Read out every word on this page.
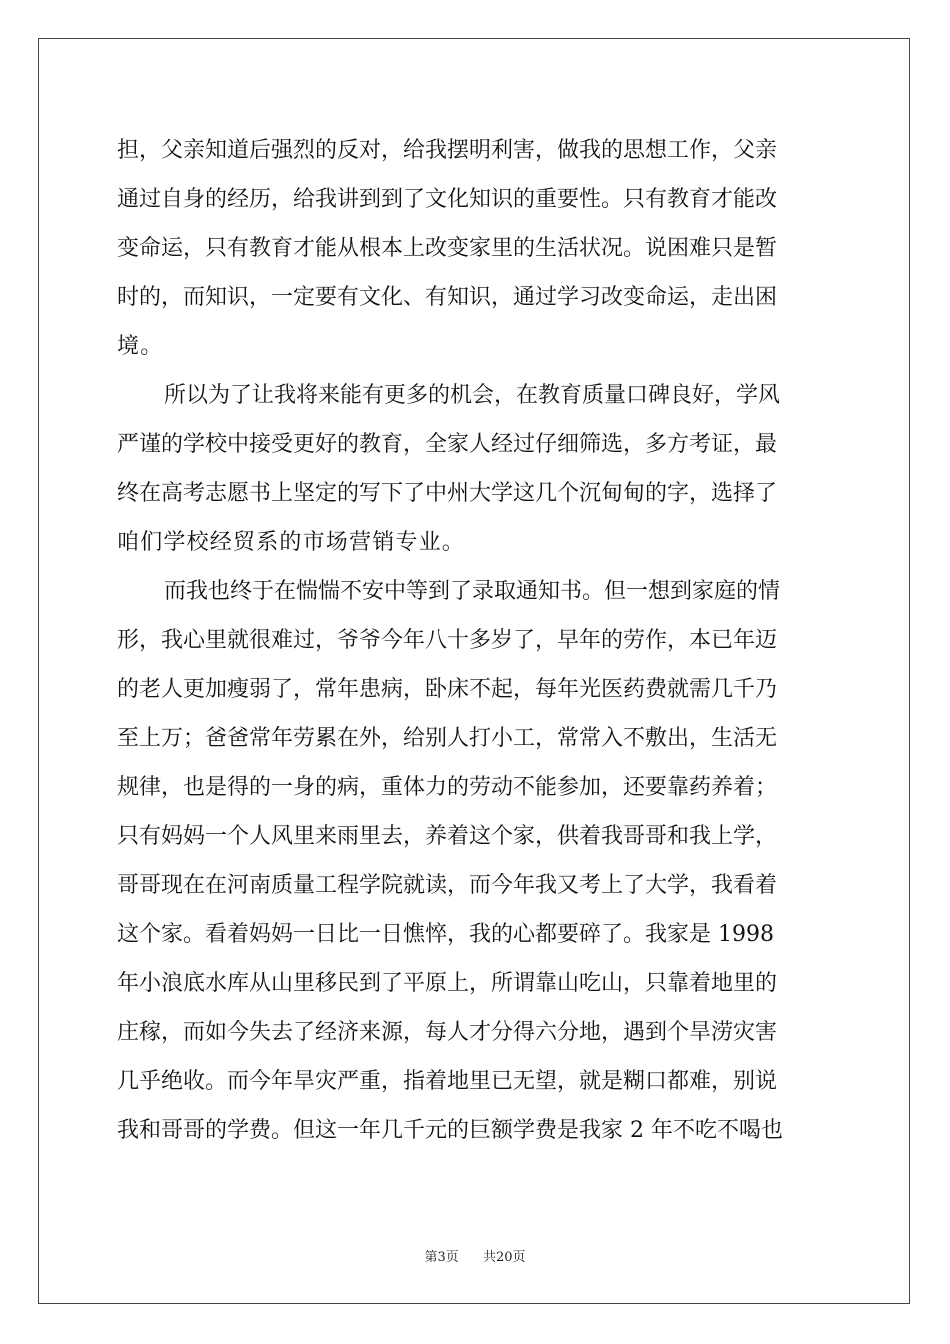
担，父亲知道后强烈的反对，给我摆明利害，做我的思想工作，父亲
通过自身的经历，给我讲到到了文化知识的重要性。只有教育才能改
变命运，只有教育才能从根本上改变家里的生活状况。说困难只是暂
时的，而知识，一定要有文化、有知识，通过学习改变命运，走出困
境。
所以为了让我将来能有更多的机会，在教育质量口碑良好，学风
严谨的学校中接受更好的教育，全家人经过仔细筛选，多方考证，最
终在高考志愿书上坚定的写下了中州大学这几个沉甸甸的字，选择了
咱们学校经贸系的市场营销专业。
而我也终于在惴惴不安中等到了录取通知书。但一想到家庭的情
形，我心里就很难过，爷爷今年八十多岁了，早年的劳作，本已年迈
的老人更加瘦弱了，常年患病，卧床不起，每年光医药费就需几千乃
至上万；爸爸常年劳累在外，给别人打小工，常常入不敷出，生活无
规律，也是得的一身的病，重体力的劳动不能参加，还要靠药养着；
只有妈妈一个人风里来雨里去，养着这个家，供着我哥哥和我上学，
哥哥现在在河南质量工程学院就读，而今年我又考上了大学，我看着
这个家。看着妈妈一日比一日憔悴，我的心都要碎了。我家是 1998
年小浪底水库从山里移民到了平原上，所谓靠山吃山，只靠着地里的
庄稼，而如今失去了经济来源，每人才分得六分地，遇到个旱涝灾害
几乎绝收。而今年旱灾严重，指着地里已无望，就是糊口都难，别说
我和哥哥的学费。但这一年几千元的巨额学费是我家 2 年不吃不喝也
第3页 共20页
